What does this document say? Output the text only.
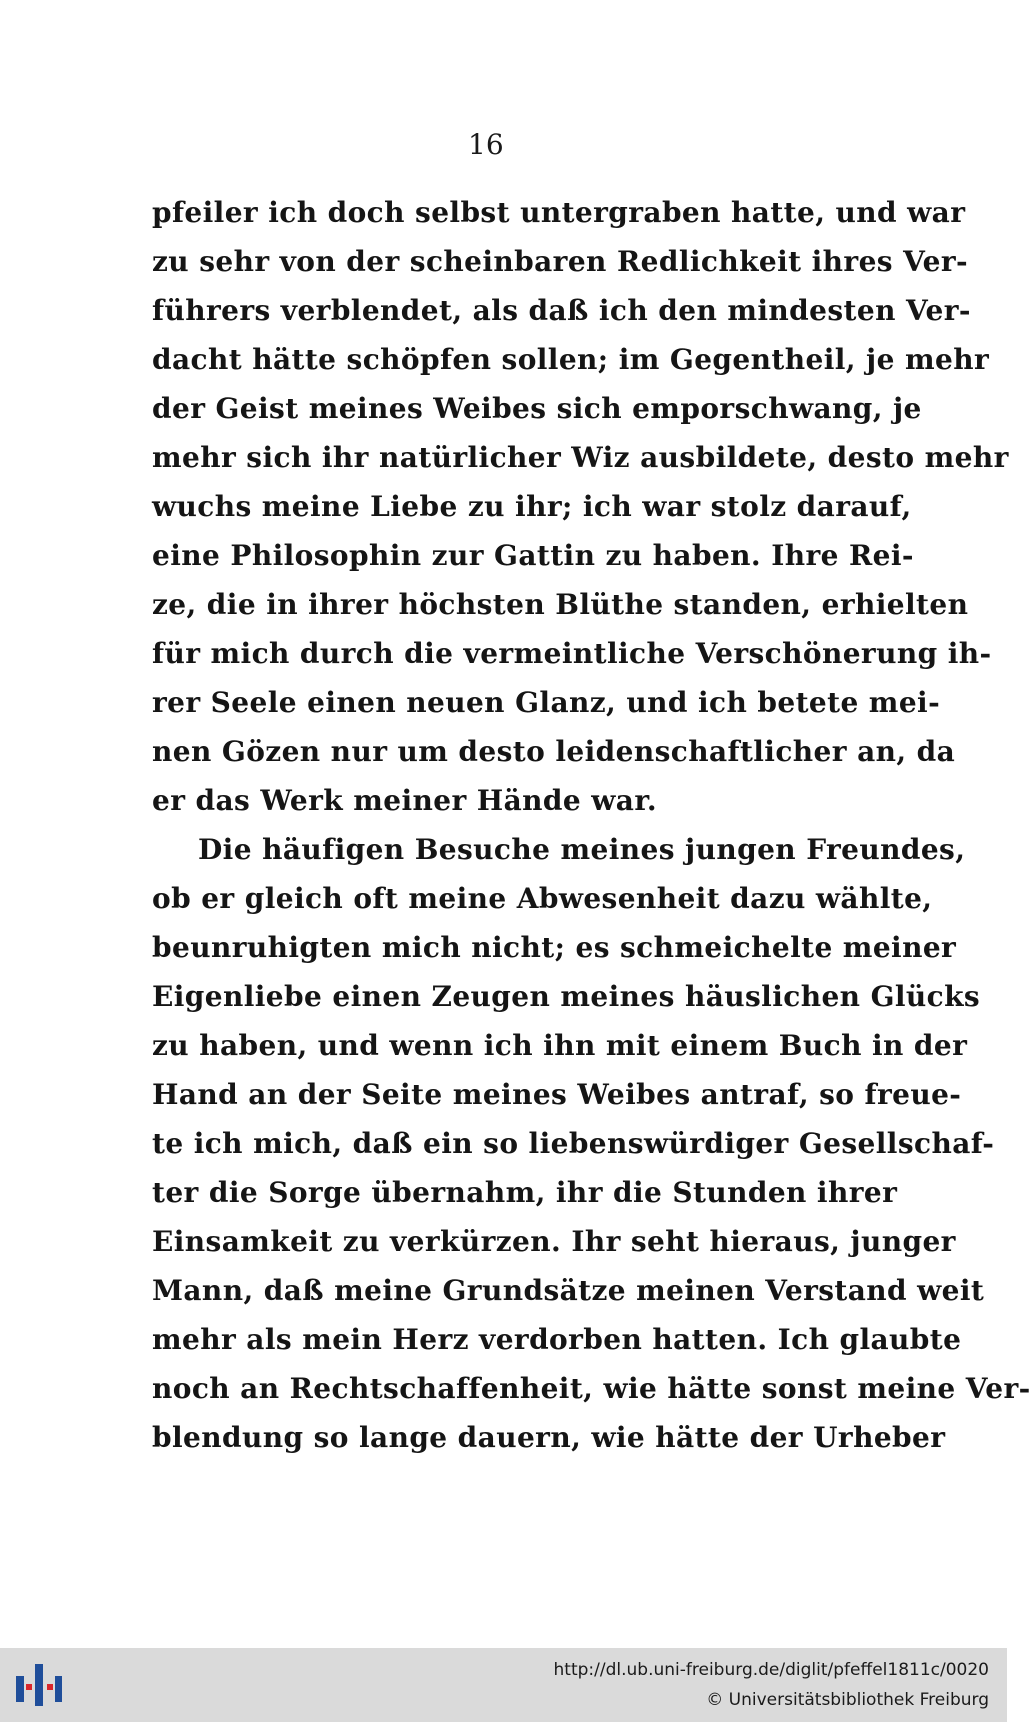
16
pfeiler ich doch selbst untergraben hatte, und war
zu sehr von der scheinbaren Redlichkeit ihres Ver-
führers verblendet, als daß ich den mindesten Ver-
dacht hätte schöpfen sollen; im Gegentheil, je mehr
der Geist meines Weibes sich emporschwang, je
mehr sich ihr natürlicher Wiz ausbildete, desto mehr
wuchs meine Liebe zu ihr; ich war stolz darauf,
eine Philosophin zur Gattin zu haben. Ihre Rei-
ze, die in ihrer höchsten Blüthe standen, erhielten
für mich durch die vermeintliche Verschönerung ih-
rer Seele einen neuen Glanz, und ich betete mei-
nen Gözen nur um desto leidenschaftlicher an, da
er das Werk meiner Hände war.
Die häufigen Besuche meines jungen Freundes,
ob er gleich oft meine Abwesenheit dazu wählte,
beunruhigten mich nicht; es schmeichelte meiner
Eigenliebe einen Zeugen meines häuslichen Glücks
zu haben, und wenn ich ihn mit einem Buch in der
Hand an der Seite meines Weibes antraf, so freue-
te ich mich, daß ein so liebenswürdiger Gesellschaf-
ter die Sorge übernahm, ihr die Stunden ihrer
Einsamkeit zu verkürzen. Ihr seht hieraus, junger
Mann, daß meine Grundsätze meinen Verstand weit
mehr als mein Herz verdorben hatten. Ich glaubte
noch an Rechtschaffenheit, wie hätte sonst meine Ver-
blendung so lange dauern, wie hätte der Urheber
http://dl.ub.uni-freiburg.de/diglit/pfeffel1811c/0020
© Universitätsbibliothek Freiburg
